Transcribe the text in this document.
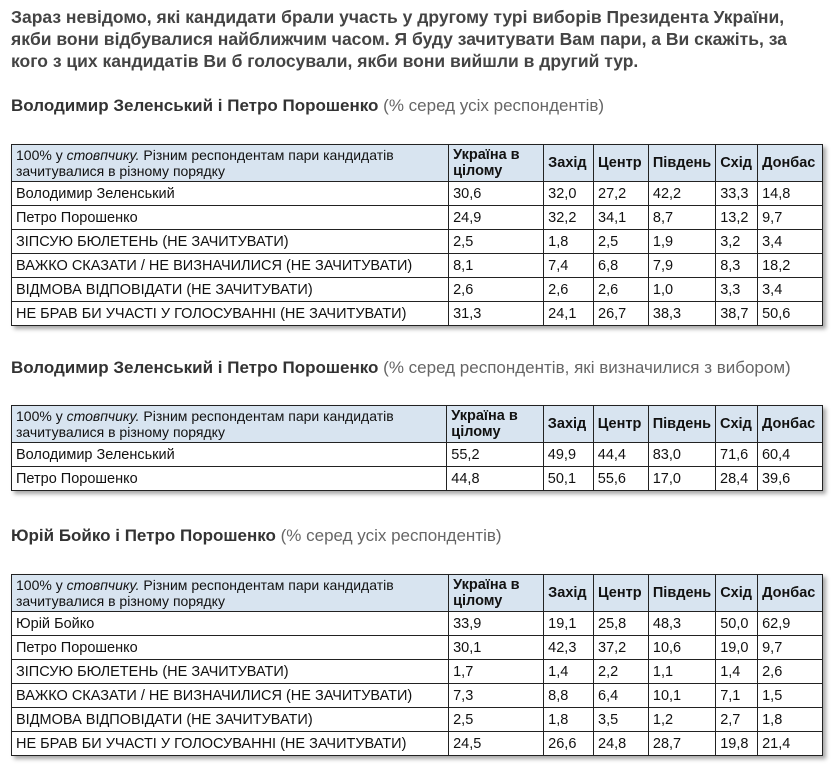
Зараз невідомо, які кандидати брали участь у другому турі виборів Президента України, якби вони відбувалися найближчим часом. Я буду зачитувати Вам пари, а Ви скажіть, за кого з цих кандидатів Ви б голосували, якби вони вийшли в другий тур.
Володимир Зеленський і Петро Порошенко (% серед усіх респондентів)
100% у стовпчику. Різним респондентам пари кандидатів зачитувалися в різному порядку	Україна в цілому	Захід	Центр	Південь	Схід	Донбас
Володимир Зеленський	30,6	32,0	27,2	42,2	33,3	14,8
Петро Порошенко	24,9	32,2	34,1	8,7	13,2	9,7
ЗІПСУЮ БЮЛЕТЕНЬ (НЕ ЗАЧИТУВАТИ)	2,5	1,8	2,5	1,9	3,2	3,4
ВАЖКО СКАЗАТИ / НЕ ВИЗНАЧИЛИСЯ (НЕ ЗАЧИТУВАТИ)	8,1	7,4	6,8	7,9	8,3	18,2
ВІДМОВА ВІДПОВІДАТИ (НЕ ЗАЧИТУВАТИ)	2,6	2,6	2,6	1,0	3,3	3,4
НЕ БРАВ БИ УЧАСТІ У ГОЛОСУВАННІ (НЕ ЗАЧИТУВАТИ)	31,3	24,1	26,7	38,3	38,7	50,6
Володимир Зеленський і Петро Порошенко (% серед респондентів, які визначилися з вибором)
100% у стовпчику. Різним респондентам пари кандидатів зачитувалися в різному порядку	Україна в цілому	Захід	Центр	Південь	Схід	Донбас
Володимир Зеленський	55,2	49,9	44,4	83,0	71,6	60,4
Петро Порошенко	44,8	50,1	55,6	17,0	28,4	39,6
Юрій Бойко і Петро Порошенко (% серед усіх респондентів)
100% у стовпчику. Різним респондентам пари кандидатів зачитувалися в різному порядку	Україна в цілому	Захід	Центр	Південь	Схід	Донбас
Юрій Бойко	33,9	19,1	25,8	48,3	50,0	62,9
Петро Порошенко	30,1	42,3	37,2	10,6	19,0	9,7
ЗІПСУЮ БЮЛЕТЕНЬ (НЕ ЗАЧИТУВАТИ)	1,7	1,4	2,2	1,1	1,4	2,6
ВАЖКО СКАЗАТИ / НЕ ВИЗНАЧИЛИСЯ (НЕ ЗАЧИТУВАТИ)	7,3	8,8	6,4	10,1	7,1	1,5
ВІДМОВА ВІДПОВІДАТИ (НЕ ЗАЧИТУВАТИ)	2,5	1,8	3,5	1,2	2,7	1,8
НЕ БРАВ БИ УЧАСТІ У ГОЛОСУВАННІ (НЕ ЗАЧИТУВАТИ)	24,5	26,6	24,8	28,7	19,8	21,4
